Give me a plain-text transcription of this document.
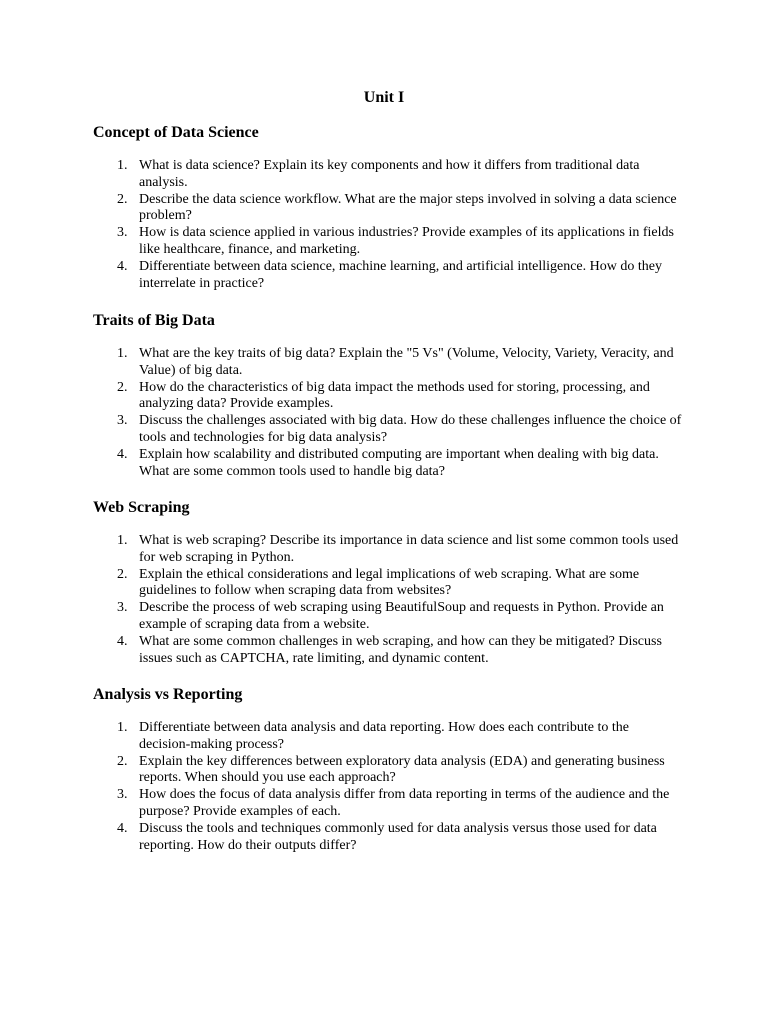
Unit I
Concept of Data Science
1. What is data science? Explain its key components and how it differs from traditional data analysis.
2. Describe the data science workflow. What are the major steps involved in solving a data science problem?
3. How is data science applied in various industries? Provide examples of its applications in fields like healthcare, finance, and marketing.
4. Differentiate between data science, machine learning, and artificial intelligence. How do they interrelate in practice?
Traits of Big Data
1. What are the key traits of big data? Explain the "5 Vs" (Volume, Velocity, Variety, Veracity, and Value) of big data.
2. How do the characteristics of big data impact the methods used for storing, processing, and analyzing data? Provide examples.
3. Discuss the challenges associated with big data. How do these challenges influence the choice of tools and technologies for big data analysis?
4. Explain how scalability and distributed computing are important when dealing with big data. What are some common tools used to handle big data?
Web Scraping
1. What is web scraping? Describe its importance in data science and list some common tools used for web scraping in Python.
2. Explain the ethical considerations and legal implications of web scraping. What are some guidelines to follow when scraping data from websites?
3. Describe the process of web scraping using BeautifulSoup and requests in Python. Provide an example of scraping data from a website.
4. What are some common challenges in web scraping, and how can they be mitigated? Discuss issues such as CAPTCHA, rate limiting, and dynamic content.
Analysis vs Reporting
1. Differentiate between data analysis and data reporting. How does each contribute to the decision-making process?
2. Explain the key differences between exploratory data analysis (EDA) and generating business reports. When should you use each approach?
3. How does the focus of data analysis differ from data reporting in terms of the audience and the purpose? Provide examples of each.
4. Discuss the tools and techniques commonly used for data analysis versus those used for data reporting. How do their outputs differ?
